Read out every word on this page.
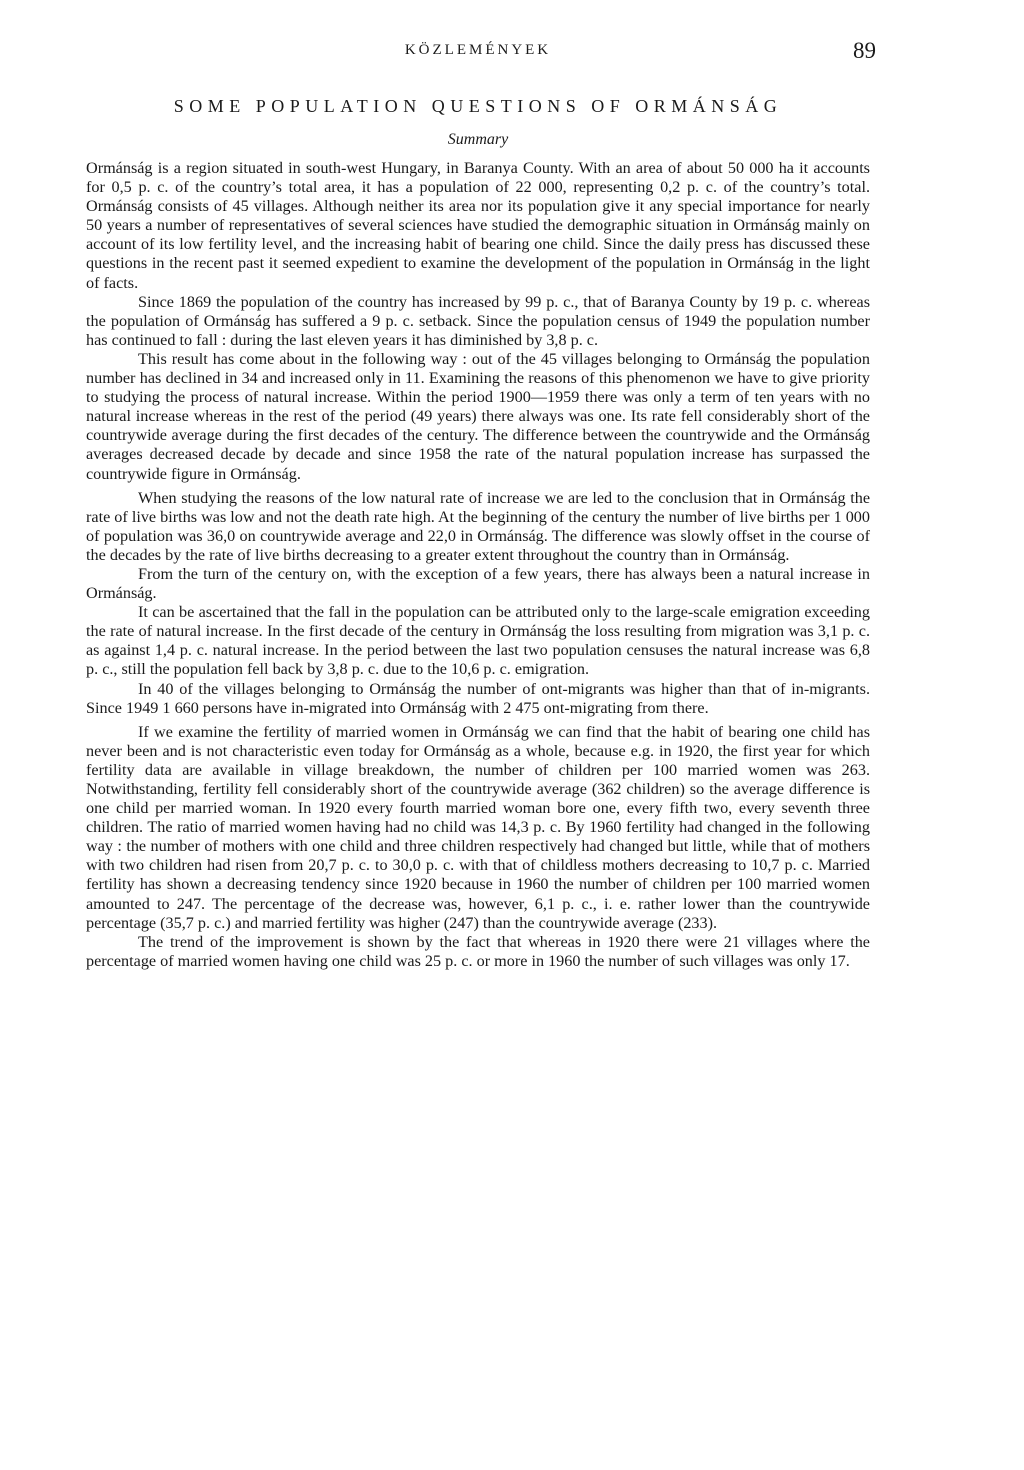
KÖZLEMÉNYEK	89
SOME POPULATION QUESTIONS OF ORMÁNSÁG
Summary

Ormánság is a region situated in south-west Hungary, in Baranya County. With an area of about 50 000 ha it accounts for 0,5 p. c. of the country’s total area, it has a population of 22 000, representing 0,2 p. c. of the country’s total. Ormánság consists of 45 villages. Although neither its area nor its population give it any special importance for nearly 50 years a number of representatives of several sciences have studied the demographic situation in Ormánság mainly on account of its low fertility level, and the increasing habit of bearing one child. Since the daily press has discussed these questions in the recent past it seemed expedient to examine the development of the population in Ormánság in the light of facts.

Since 1869 the population of the country has increased by 99 p. c., that of Baranya County by 19 p. c. whereas the population of Ormánság has suffered a 9 p. c. setback. Since the population census of 1949 the population number has continued to fall : during the last eleven years it has diminished by 3,8 p. c.

This result has come about in the following way : out of the 45 villages belonging to Ormánság the population number has declined in 34 and increased only in 11. Examining the reasons of this phenomenon we have to give priority to studying the process of natural increase. Within the period 1900—1959 there was only a term of ten years with no natural increase whereas in the rest of the period (49 years) there always was one. Its rate fell considerably short of the countrywide average during the first decades of the century. The difference between the countrywide and the Ormánság averages decreased decade by decade and since 1958 the rate of the natural population increase has surpassed the countrywide figure in Ormánság.

When studying the reasons of the low natural rate of increase we are led to the conclusion that in Ormánság the rate of live births was low and not the death rate high. At the beginning of the century the number of live births per 1 000 of population was 36,0 on countrywide average and 22,0 in Ormánság. The difference was slowly offset in the course of the decades by the rate of live births decreasing to a greater extent throughout the country than in Ormánság.

From the turn of the century on, with the exception of a few years, there has always been a natural increase in Ormánság.

It can be ascertained that the fall in the population can be attributed only to the large-scale emigration exceeding the rate of natural increase. In the first decade of the century in Ormánság the loss resulting from migration was 3,1 p. c. as against 1,4 p. c. natural increase. In the period between the last two population censuses the natural increase was 6,8 p. c., still the population fell back by 3,8 p. c. due to the 10,6 p. c. emigration.

In 40 of the villages belonging to Ormánság the number of ont-migrants was higher than that of in-migrants. Since 1949 1 660 persons have in-migrated into Ormánság with 2 475 ont-migrating from there.

If we examine the fertility of married women in Ormánság we can find that the habit of bearing one child has never been and is not characteristic even today for Ormánság as a whole, because e.g. in 1920, the first year for which fertility data are available in village breakdown, the number of children per 100 married women was 263. Notwithstanding, fertility fell considerably short of the countrywide average (362 children) so the average difference is one child per married woman. In 1920 every fourth married woman bore one, every fifth two, every seventh three children. The ratio of married women having had no child was 14,3 p. c. By 1960 fertility had changed in the following way : the number of mothers with one child and three children respectively had changed but little, while that of mothers with two children had risen from 20,7 p. c. to 30,0 p. c. with that of childless mothers decreasing to 10,7 p. c. Married fertility has shown a decreasing tendency since 1920 because in 1960 the number of children per 100 married women amounted to 247. The percentage of the decrease was, however, 6,1 p. c., i. e. rather lower than the countrywide percentage (35,7 p. c.) and married fertility was higher (247) than the countrywide average (233).

The trend of the improvement is shown by the fact that whereas in 1920 there were 21 villages where the percentage of married women having one child was 25 p. c. or more in 1960 the number of such villages was only 17.
